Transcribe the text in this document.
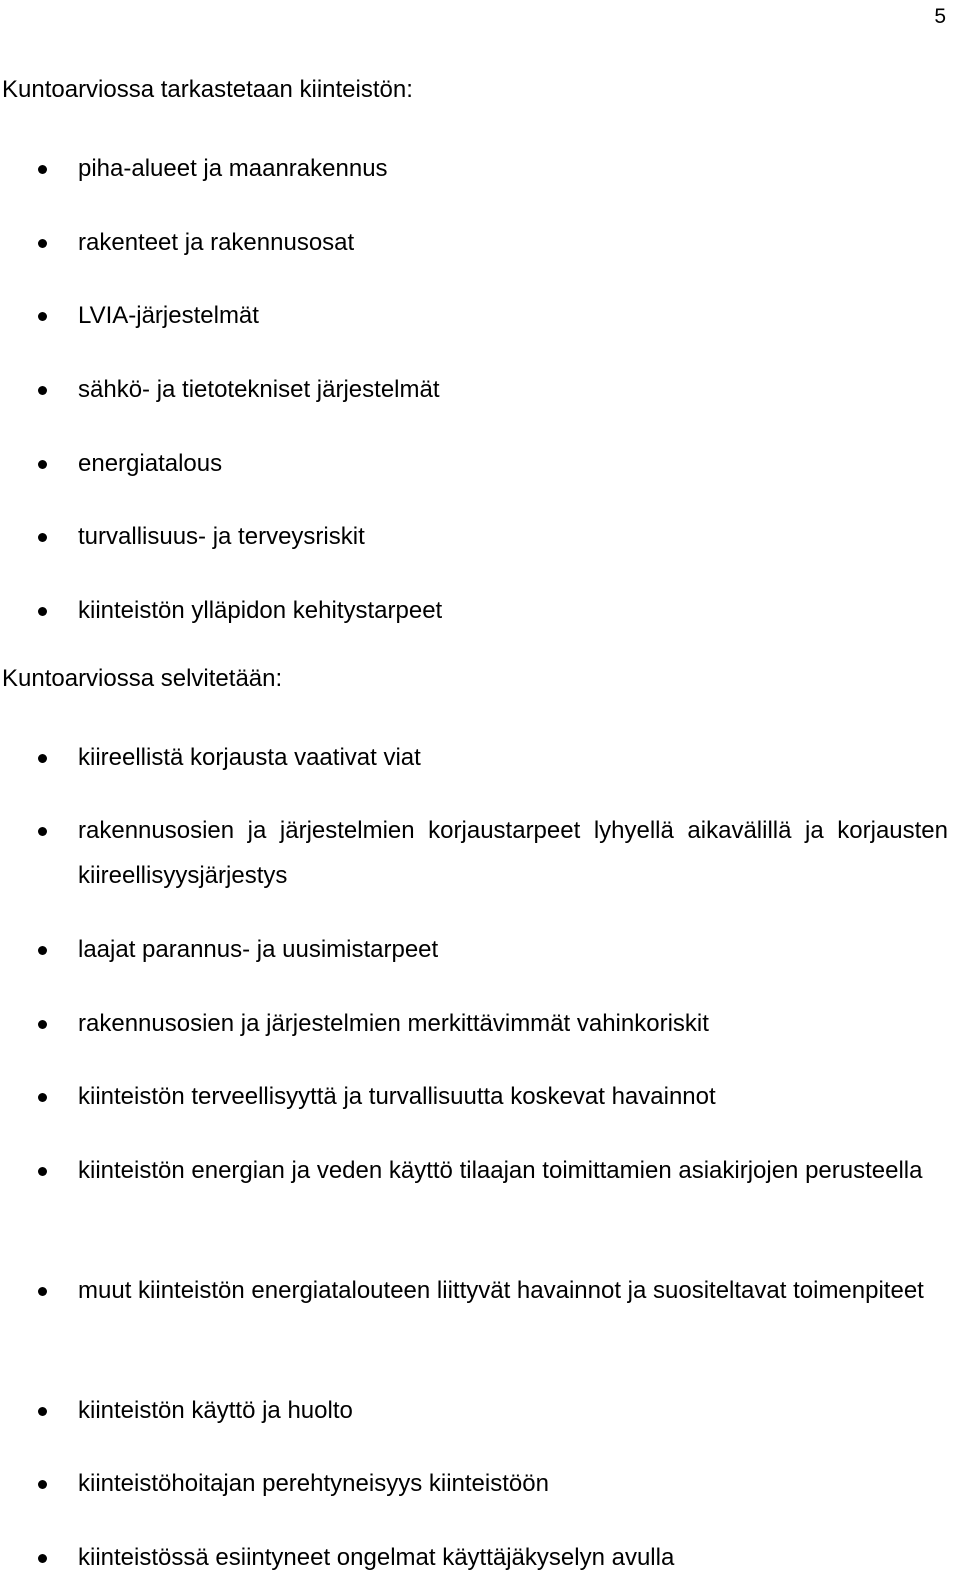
5
Kuntoarviossa tarkastetaan kiinteistön:
piha-alueet ja maanrakennus
rakenteet ja rakennusosat
LVIA-järjestelmät
sähkö- ja tietotekniset järjestelmät
energiatalous
turvallisuus- ja terveysriskit
kiinteistön ylläpidon kehitystarpeet
Kuntoarviossa selvitetään:
kiireellistä korjausta vaativat viat
rakennusosien ja järjestelmien korjaustarpeet lyhyellä aikavälillä ja korjausten kiireellisyysjärjestys
laajat parannus- ja uusimistarpeet
rakennusosien ja järjestelmien merkittävimmät vahinkoriskit
kiinteistön terveellisyyttä ja turvallisuutta koskevat havainnot
kiinteistön energian ja veden käyttö tilaajan toimittamien asiakirjojen perusteella
muut kiinteistön energiatalouteen liittyvät havainnot ja suositeltavat toimenpiteet
kiinteistön käyttö ja huolto
kiinteistöhoitajan perehtyneisyys kiinteistöön
kiinteistössä esiintyneet ongelmat käyttäjäkyselyn avulla
